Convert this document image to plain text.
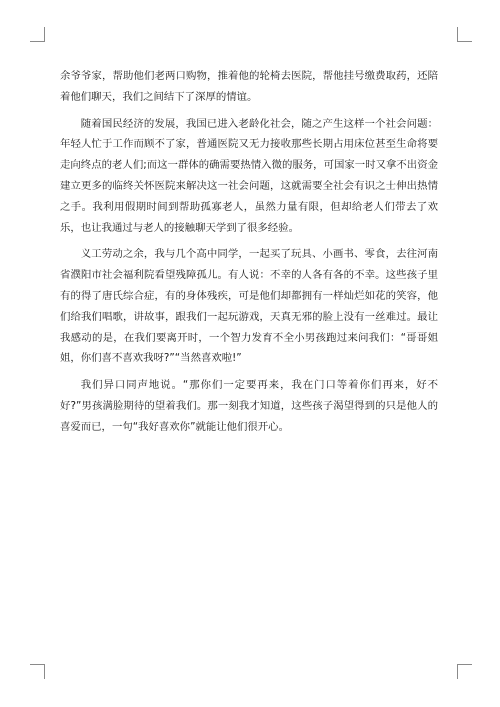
余爷爷家，帮助他们老两口购物，推着他的轮椅去医院，帮他挂号缴费取药，还陪着他们聊天，我们之间结下了深厚的情谊。

随着国民经济的发展，我国已进入老龄化社会，随之产生这样一个社会问题：年轻人忙于工作而顾不了家，普通医院又无力接收那些长期占用床位甚至生命将要走向终点的老人们;而这一群体的确需要热情入微的服务，可国家一时又拿不出资金建立更多的临终关怀医院来解决这一社会问题，这就需要全社会有识之士伸出热情之手。我利用假期时间到帮助孤寡老人，虽然力量有限，但却给老人们带去了欢乐，也让我通过与老人的接触聊天学到了很多经验。

义工劳动之余，我与几个高中同学，一起买了玩具、小画书、零食，去往河南省濮阳市社会福利院看望残障孤儿。有人说：不幸的人各有各的不幸。这些孩子里有的得了唐氏综合症，有的身体残疾，可是他们却都拥有一样灿烂如花的笑容，他们给我们唱歌，讲故事，跟我们一起玩游戏，天真无邪的脸上没有一丝难过。最让我感动的是，在我们要离开时，一个智力发育不全小男孩跑过来问我们：“哥哥姐姐，你们喜不喜欢我呀?”“当然喜欢啦!”

我们异口同声地说。“那你们一定要再来，我在门口等着你们再来，好不好?”男孩满脸期待的望着我们。那一刻我才知道，这些孩子渴望得到的只是他人的喜爱而已，一句“我好喜欢你”就能让他们很开心。
